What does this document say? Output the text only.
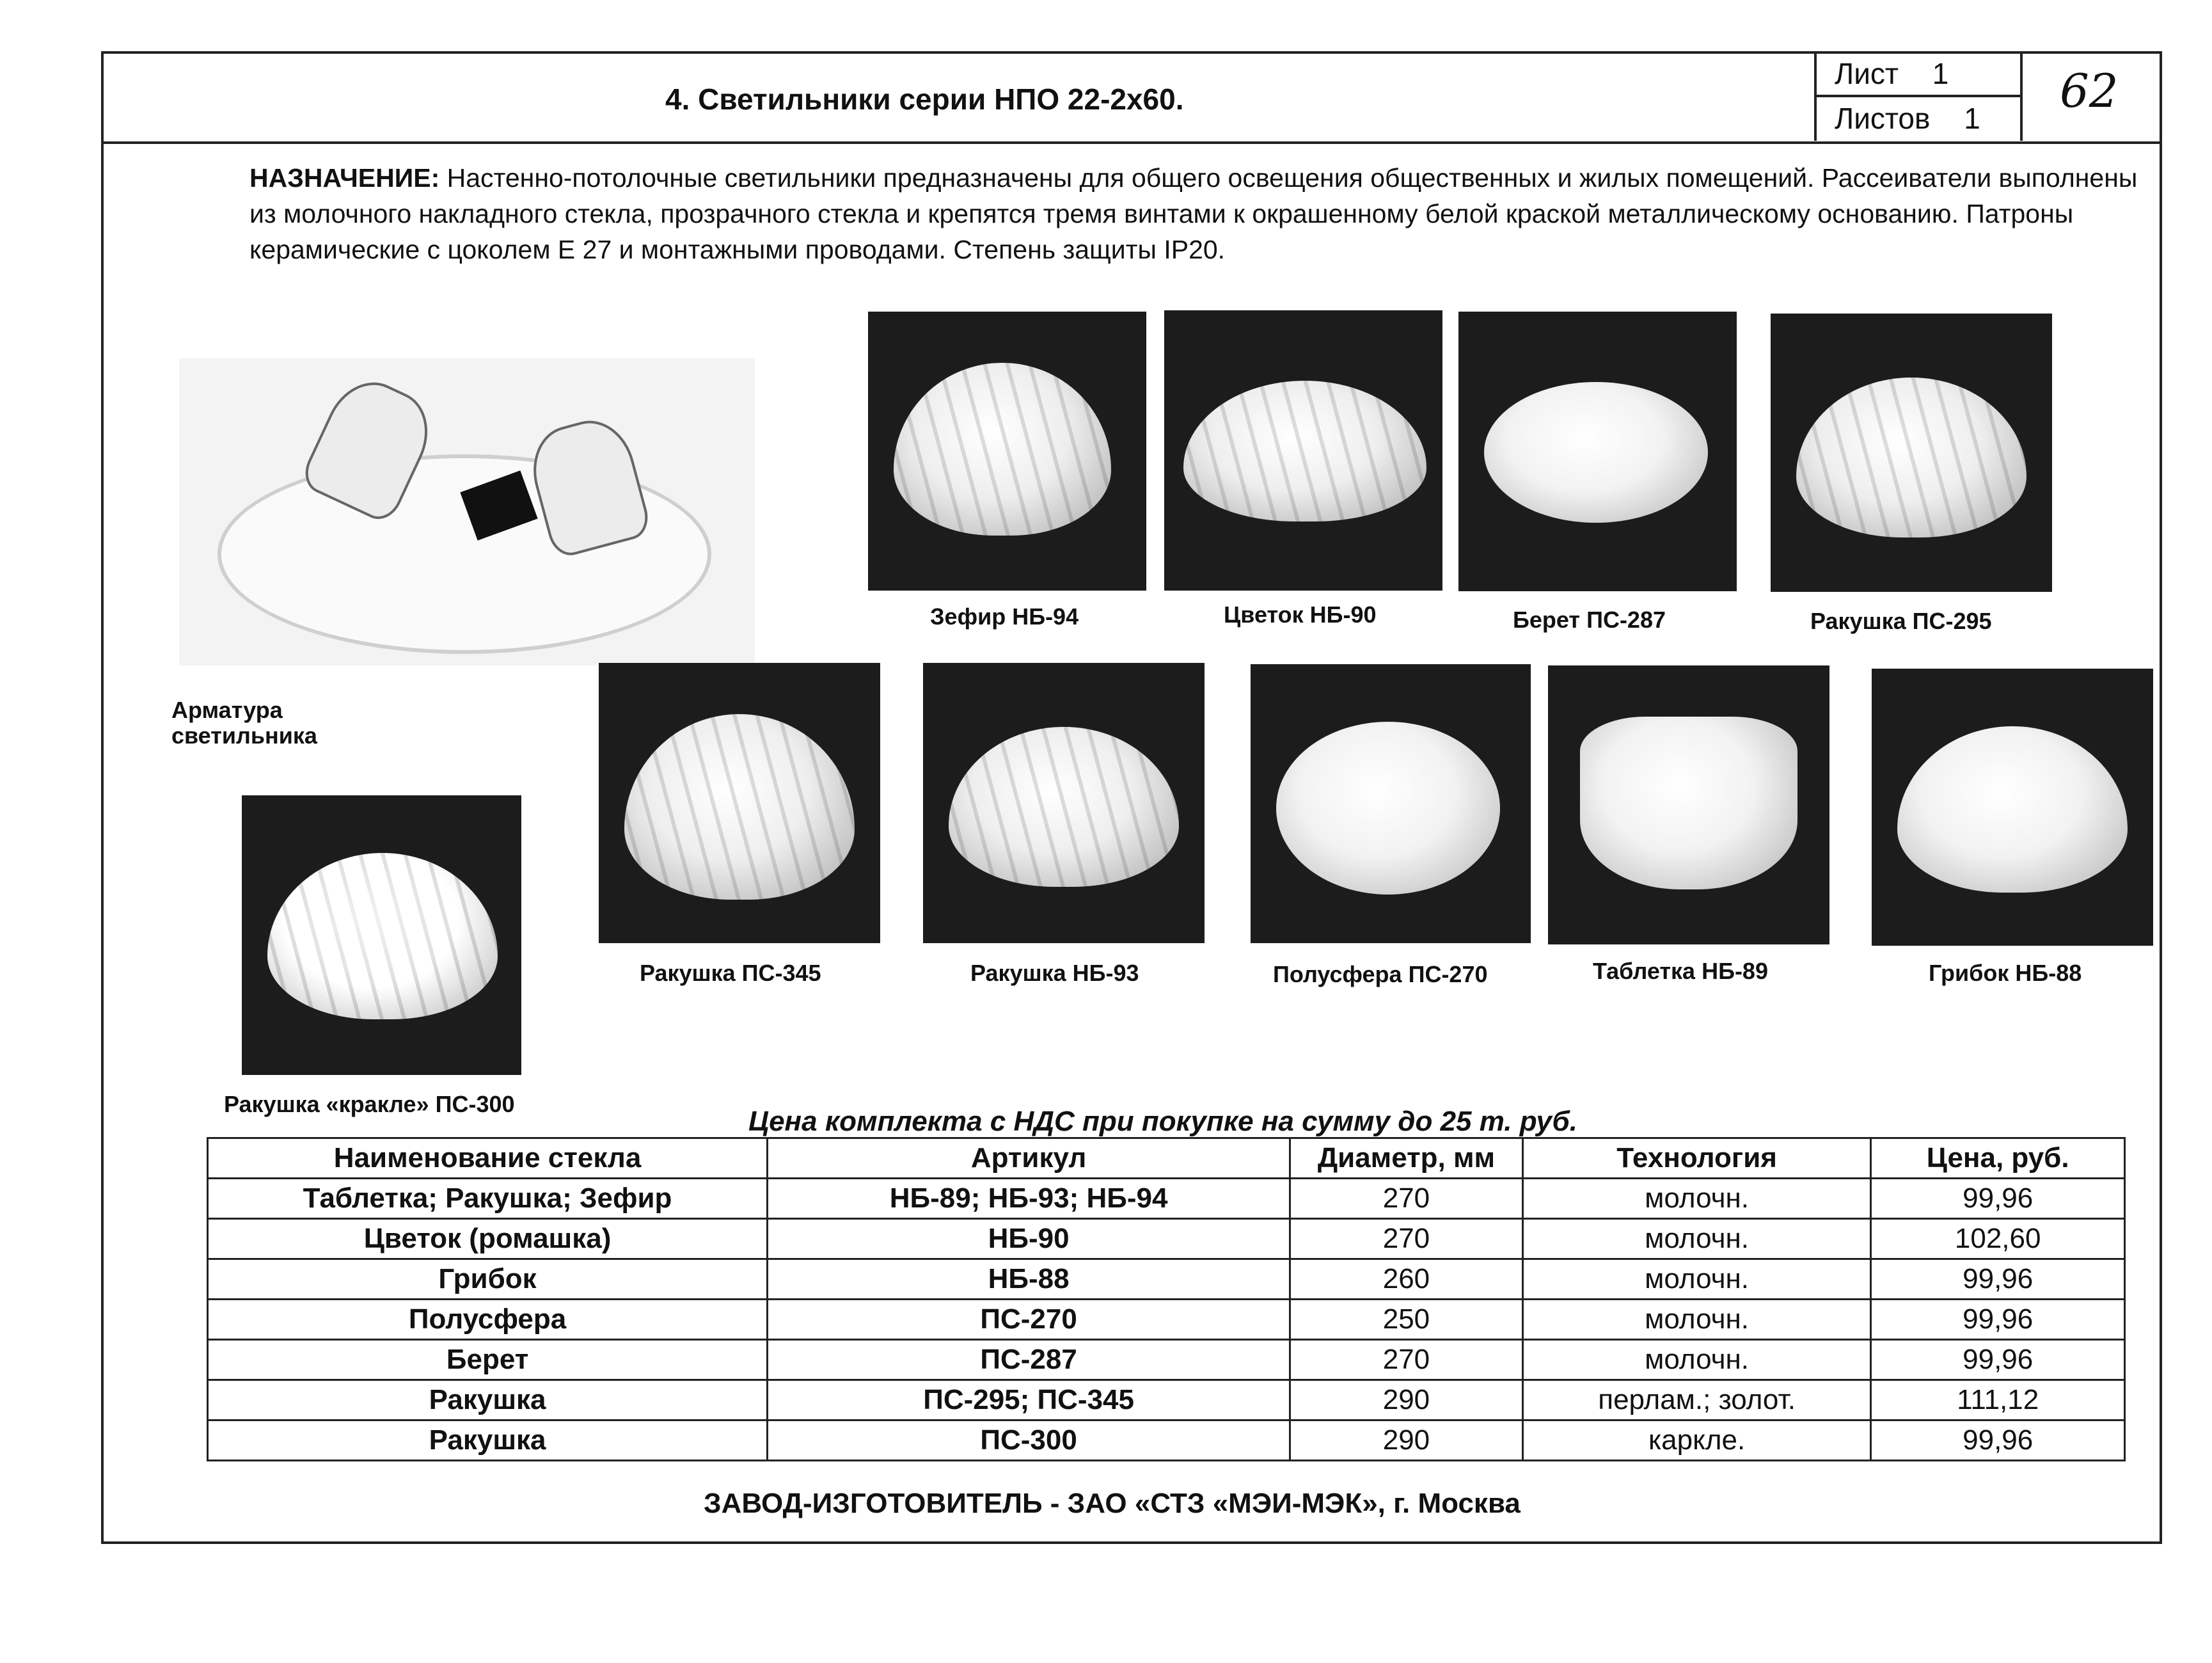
4. Светильники серии НПО 22-2х60.
Лист 1
Листов 1
62
НАЗНАЧЕНИЕ: Настенно-потолочные светильники предназначены для общего освещения общественных и жилых помещений. Рассеиватели выполнены из молочного накладного стекла, прозрачного стекла и крепятся тремя винтами к окрашенному белой краской металлическому основанию. Патроны керамические с цоколем Е 27 и монтажными проводами. Степень защиты IP20.
Арматура
светильника
Зефир НБ-94	Цветок НБ-90	Берет ПС-287	Ракушка ПС-295
Ракушка ПС-345	Ракушка НБ-93	Полусфера ПС-270	Таблетка НБ-89	Грибок НБ-88
Ракушка «кракле» ПС-300
Цена комплекта с НДС при покупке на сумму до 25 т. руб.
Наименование стекла	Артикул	Диаметр, мм	Технология	Цена, руб.
Таблетка; Ракушка; Зефир	НБ-89; НБ-93; НБ-94	270	молочн.	99,96
Цветок (ромашка)	НБ-90	270	молочн.	102,60
Грибок	НБ-88	260	молочн.	99,96
Полусфера	ПС-270	250	молочн.	99,96
Берет	ПС-287	270	молочн.	99,96
Ракушка	ПС-295; ПС-345	290	перлам.; золот.	111,12
Ракушка	ПС-300	290	каркле.	99,96
ЗАВОД-ИЗГОТОВИТЕЛЬ - ЗАО «СТЗ «МЭИ-МЭК», г. Москва
